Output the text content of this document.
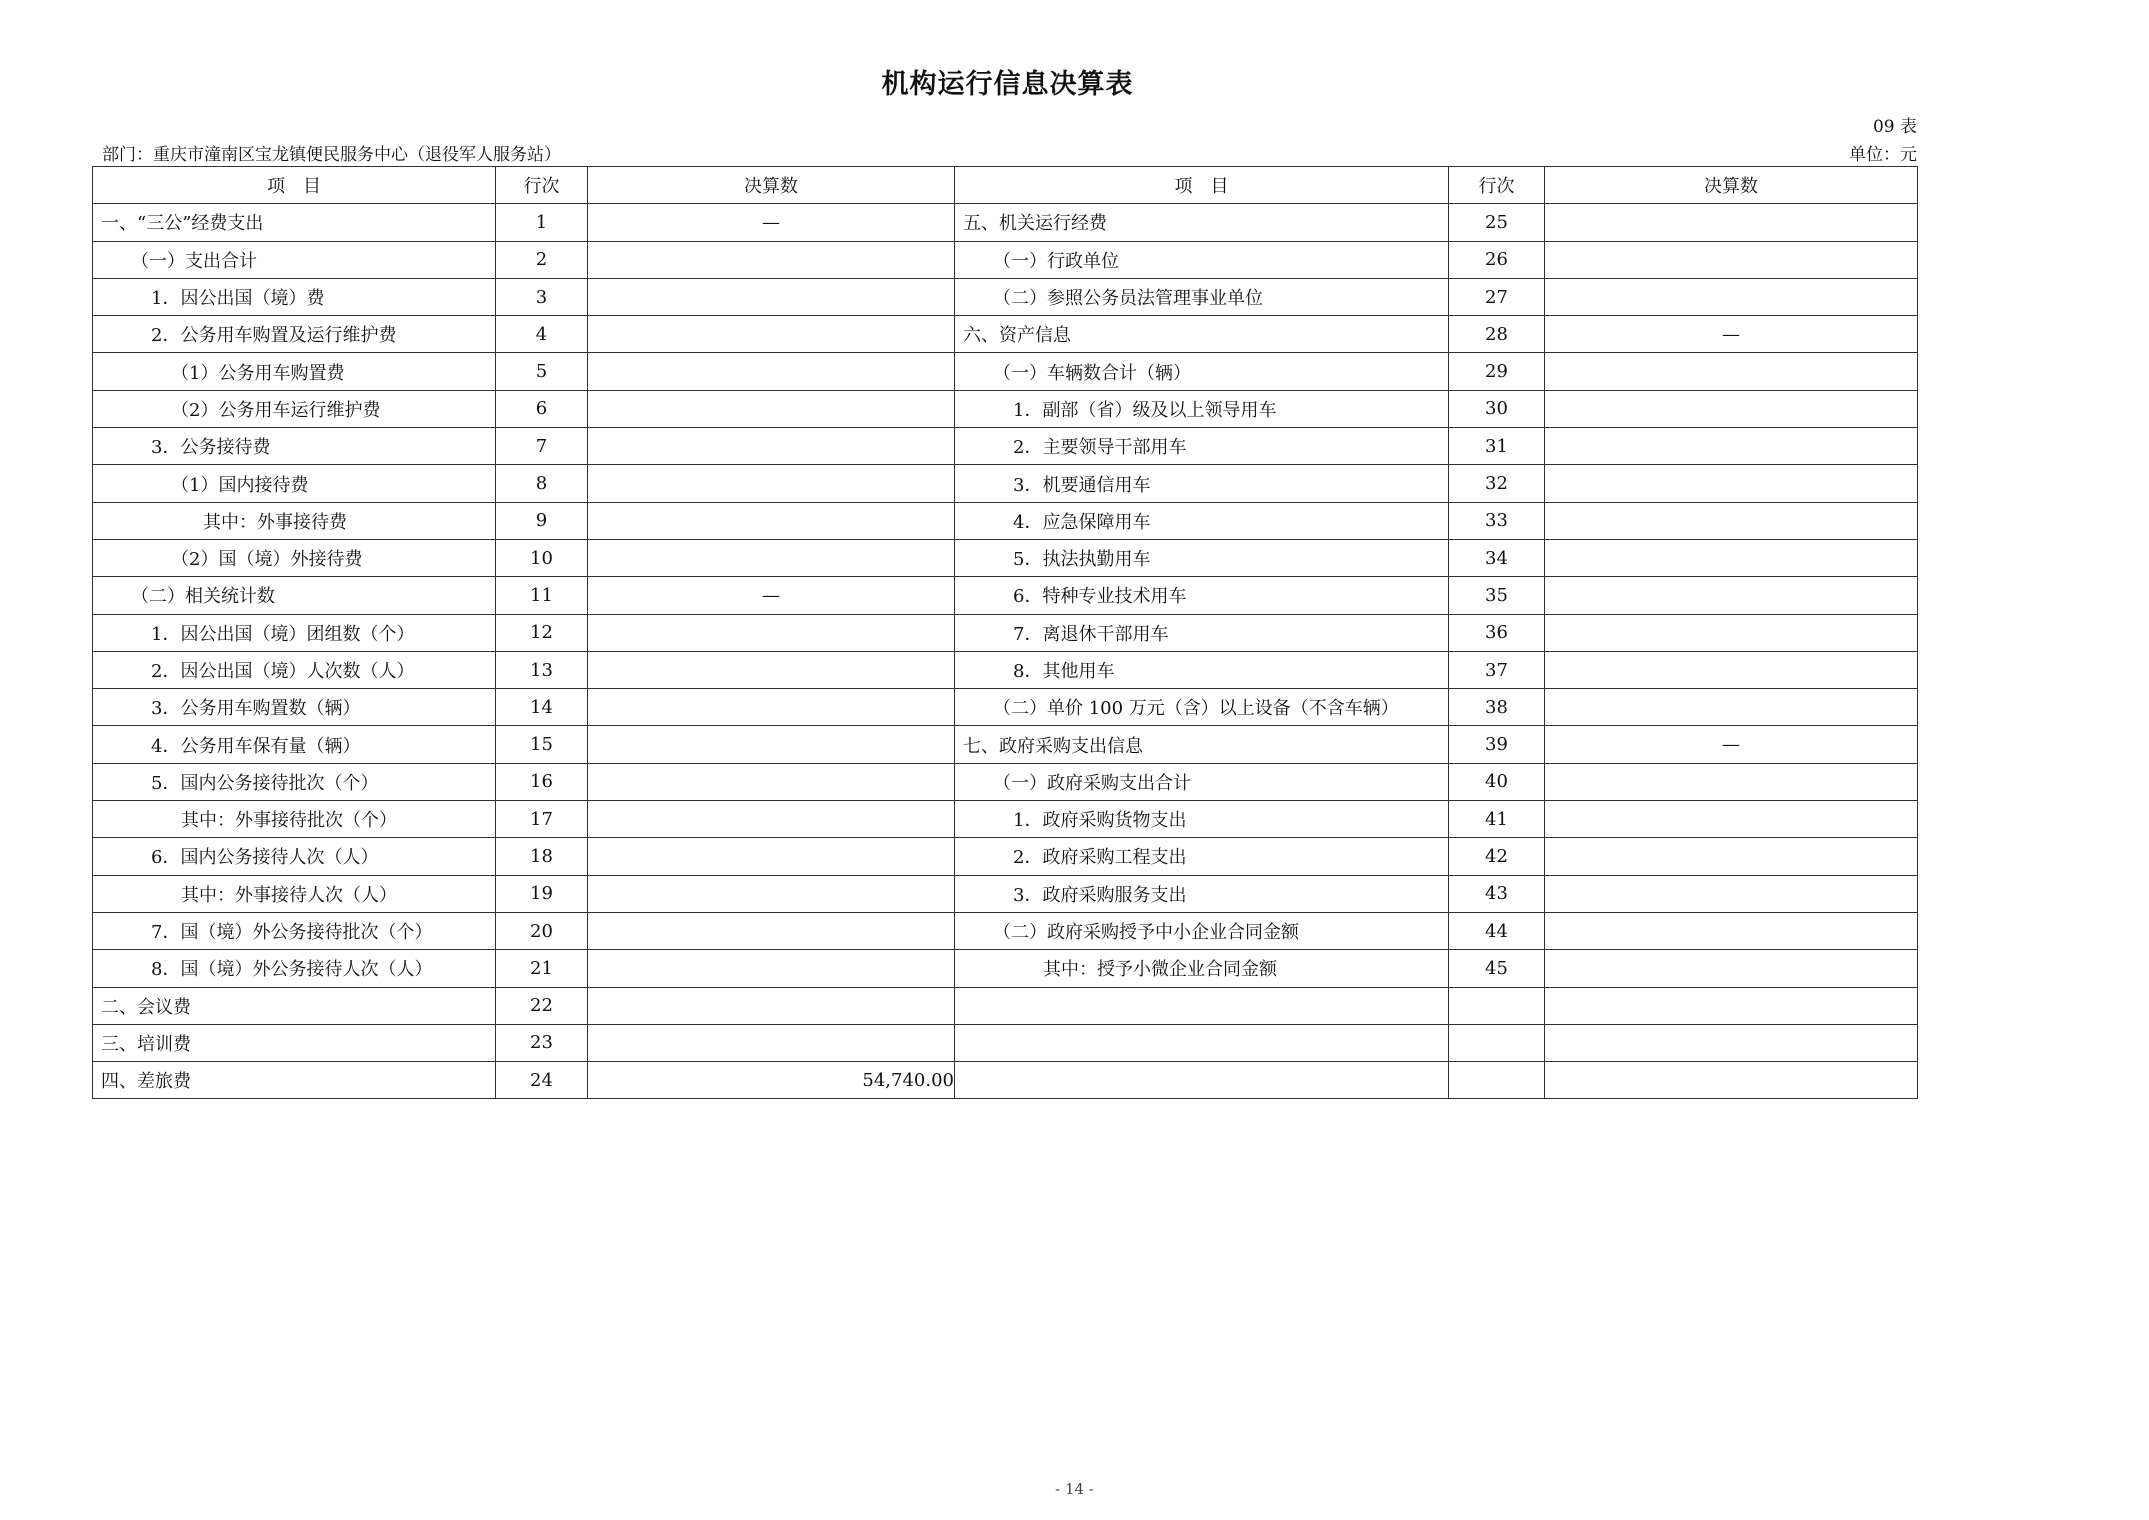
机构运行信息决算表
09 表
部门：重庆市潼南区宝龙镇便民服务中心（退役军人服务站）	单位：元
项　目	行次	决算数	项　目	行次	决算数
一、“三公”经费支出	1	—	五、机关运行经费	25	
（一）支出合计	2		（一）行政单位	26	
1．因公出国（境）费	3		（二）参照公务员法管理事业单位	27	
2．公务用车购置及运行维护费	4		六、资产信息	28	—
（1）公务用车购置费	5		（一）车辆数合计（辆）	29	
（2）公务用车运行维护费	6		1．副部（省）级及以上领导用车	30	
3．公务接待费	7		2．主要领导干部用车	31	
（1）国内接待费	8		3．机要通信用车	32	
其中：外事接待费	9		4．应急保障用车	33	
（2）国（境）外接待费	10		5．执法执勤用车	34	
（二）相关统计数	11	—	6．特种专业技术用车	35	
1．因公出国（境）团组数（个）	12		7．离退休干部用车	36	
2．因公出国（境）人次数（人）	13		8．其他用车	37	
3．公务用车购置数（辆）	14		（二）单价 100 万元（含）以上设备（不含车辆）	38	
4．公务用车保有量（辆）	15		七、政府采购支出信息	39	—
5．国内公务接待批次（个）	16		（一）政府采购支出合计	40	
其中：外事接待批次（个）	17		1．政府采购货物支出	41	
6．国内公务接待人次（人）	18		2．政府采购工程支出	42	
其中：外事接待人次（人）	19		3．政府采购服务支出	43	
7．国（境）外公务接待批次（个）	20		（二）政府采购授予中小企业合同金额	44	
8．国（境）外公务接待人次（人）	21		其中：授予小微企业合同金额	45	
二、会议费	22				
三、培训费	23				
四、差旅费	24	54,740.00			
- 14 -
